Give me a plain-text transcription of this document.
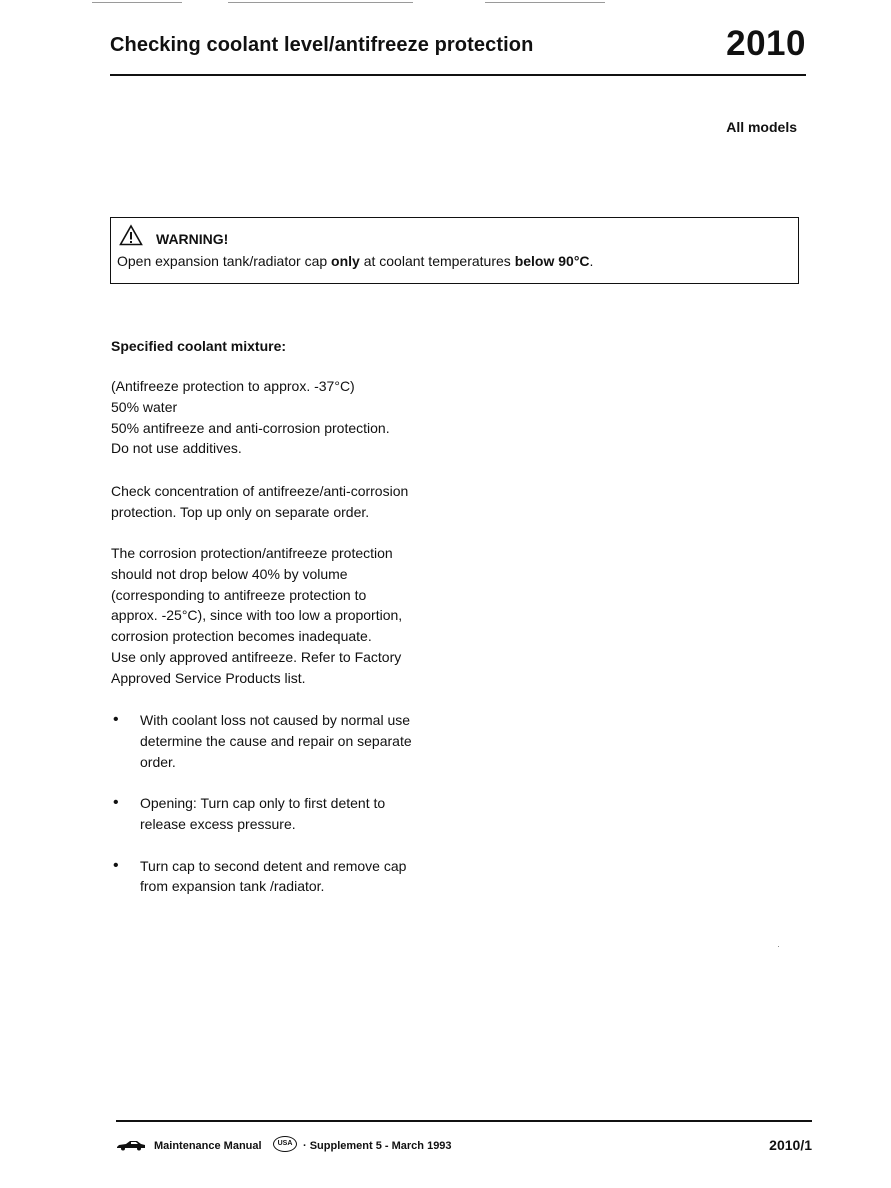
Checking coolant level/antifreeze protection	2010
All models
WARNING!
Open expansion tank/radiator cap only at coolant temperatures below 90°C.
Specified coolant mixture:

(Antifreeze protection to approx. -37°C)

50% water

50% antifreeze and anti-corrosion protection.

Do not use additives.

Check concentration of antifreeze/anti-corrosion

protection. Top up only on separate order.

The corrosion protection/antifreeze protection

should not drop below 40% by volume

(corresponding to antifreeze protection to

approx. -25°C), since with too low a proportion,

corrosion protection becomes inadequate.

Use only approved antifreeze. Refer to Factory

Approved Service Products list.

• With coolant loss not caused by normal use
determine the cause and repair on separate
order.
• Opening: Turn cap only to first detent to
release excess pressure.
• Turn cap to second detent and remove cap
from expansion tank /radiator.
Maintenance Manual	USA · Supplement 5 - March 1993	2010/1
